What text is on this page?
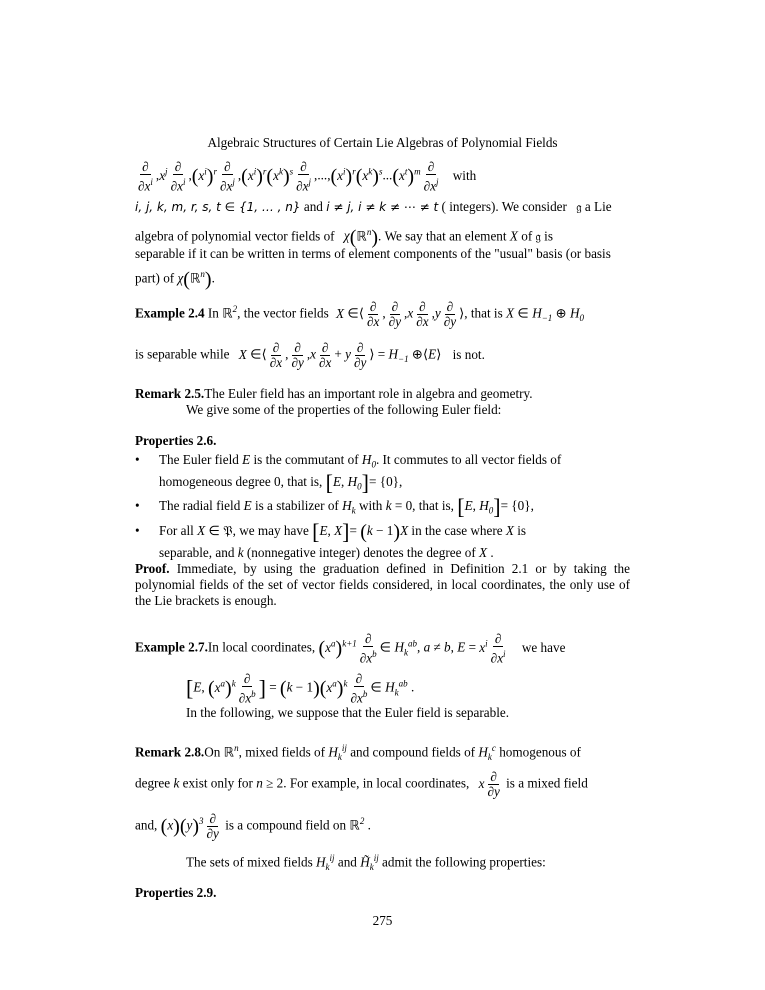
Algebraic Structures of Certain Lie Algebras of Polynomial Fields
$\frac{\partial}{\partial x^i} ,x^j \frac{\partial}{\partial x^i} ,(x^i)^r \frac{\partial}{\partial x^j} ,(x^i)^r(x^k)^s \frac{\partial}{\partial x^j} ,...,(x^i)^r(x^k)^s...(x^t)^m \frac{\partial}{\partial x^j}$ with
i, j, k, m, r, s, t ∈ {1, … , n} and i ≠ j, i ≠ k ≠ ⋯ ≠ t ( integers). We consider 𝔤 a Lie
algebra of polynomial vector fields of χ(ℝ$^n$). We say that an element X of 𝔤 is
separable if it can be written in terms of element components of the "usual" basis (or basis
part) of χ(ℝ$^n$).
Example 2.4 In ℝ$^2$, the vector fields X ∈⟨ $\frac{\partial}{\partial x}$ , $\frac{\partial}{\partial y} ,x \frac{\partial}{\partial x} ,y \frac{\partial}{\partial y}$ ⟩, that is X ∈ $H_{-1}$ ⊕ $H_0$
is separable while X ∈⟨ $\frac{\partial}{\partial x}$ , $\frac{\partial}{\partial y} ,x \frac{\partial}{\partial x} + y \frac{\partial}{\partial y}$ ⟩ = $H_{-1}$ ⊕⟨E⟩ is not.
Remark 2.5.The Euler field has an important role in algebra and geometry.
We give some of the properties of the following Euler field:
Properties 2.6.
• The Euler field E is the commutant of $H_0$. It commutes to all vector fields of
homogeneous degree 0, that is, [E, $H_0]= \{0\}$,
• The radial field E is a stabilizer of $H_k$ with k = 0, that is, [E, $H_0]= \{0\}$,
• For all X ∈ 𝔓, we may have [E, X]= (k − 1)X in the case where X is
separable, and k (nonnegative integer) denotes the degree of X .
Proof. Immediate, by using the graduation defined in Definition 2.1 or by taking the polynomial fields of the set of vector fields considered, in local coordinates, the only use of the Lie brackets is enough.
Example 2.7.In local coordinates, $(x^a)^{k+1} \frac{\partial}{\partial x^b}$ ∈ $H_k^{ab}$, a ≠ b, $E = x^i \frac{\partial}{\partial x^i}$ we have
[E, $(x^a)^k \frac{\partial}{\partial x^b}$ ] = $(k - 1)(x^a)^k \frac{\partial}{\partial x^b}$ ∈ $H_k^{ab}$ .
In the following, we suppose that the Euler field is separable.
Remark 2.8.On ℝ$^n$, mixed fields of $H_k^{ij}$ and compound fields of $H_k^c$ homogenous of
degree k exist only for n ≥ 2. For example, in local coordinates, x $\frac{\partial}{\partial y}$ is a mixed field
and, $(x)(y)^3 \frac{\partial}{\partial y}$ is a compound field on ℝ$^2$ .
The sets of mixed fields $H_k^{ij}$ and $H̃_k^{ij}$ admit the following properties:
Properties 2.9.
275
